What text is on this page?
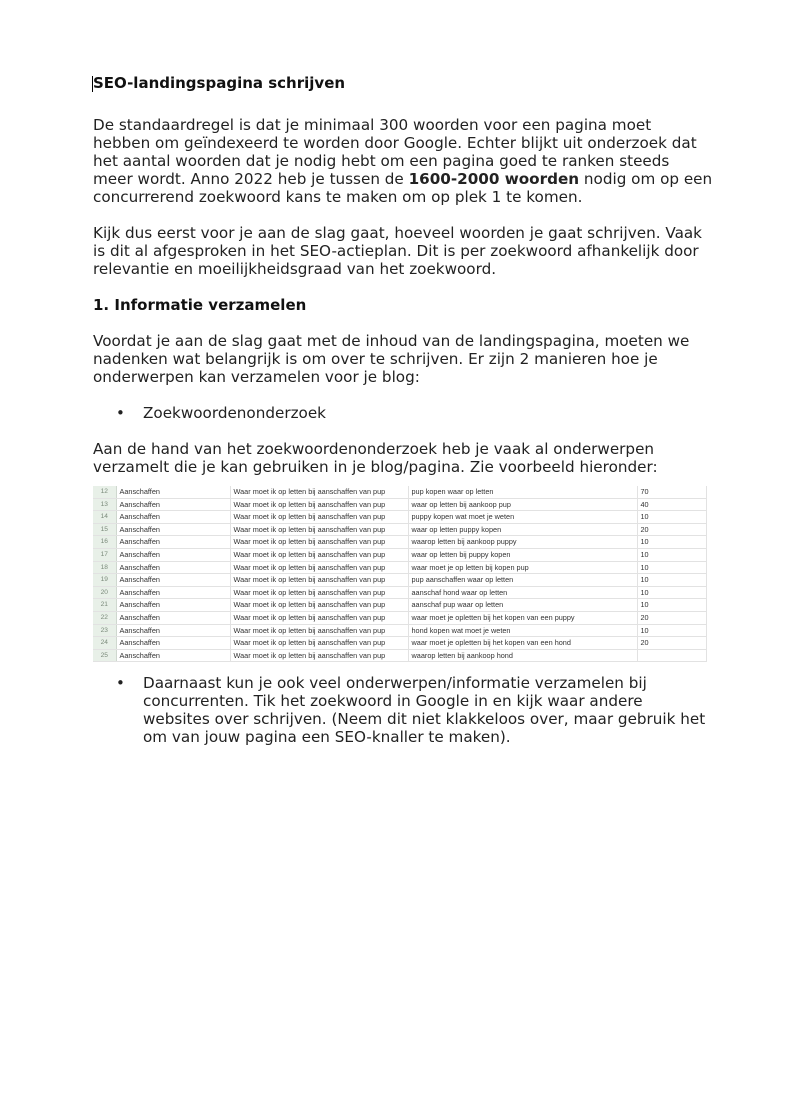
SEO-landingspagina schrijven

De standaardregel is dat je minimaal 300 woorden voor een pagina moet hebben om geïndexeerd te worden door Google. Echter blijkt uit onderzoek dat het aantal woorden dat je nodig hebt om een pagina goed te ranken steeds meer wordt. Anno 2022 heb je tussen de 1600-2000 woorden nodig om op een concurrerend zoekwoord kans te maken om op plek 1 te komen.

Kijk dus eerst voor je aan de slag gaat, hoeveel woorden je gaat schrijven. Vaak is dit al afgesproken in het SEO-actieplan. Dit is per zoekwoord afhankelijk door relevantie en moeilijkheidsgraad van het zoekwoord.

1. Informatie verzamelen

Voordat je aan de slag gaat met de inhoud van de landingspagina, moeten we nadenken wat belangrijk is om over te schrijven. Er zijn 2 manieren hoe je onderwerpen kan verzamelen voor je blog:

• Zoekwoordenonderzoek

Aan de hand van het zoekwoordenonderzoek heb je vaak al onderwerpen verzamelt die je kan gebruiken in je blog/pagina. Zie voorbeeld hieronder:

12	Aanschaffen	Waar moet ik op letten bij aanschaffen van pup	pup kopen waar op letten	70
13	Aanschaffen	Waar moet ik op letten bij aanschaffen van pup	waar op letten bij aankoop pup	40
14	Aanschaffen	Waar moet ik op letten bij aanschaffen van pup	puppy kopen wat moet je weten	10
15	Aanschaffen	Waar moet ik op letten bij aanschaffen van pup	waar op letten puppy kopen	20
16	Aanschaffen	Waar moet ik op letten bij aanschaffen van pup	waarop letten bij aankoop puppy	10
17	Aanschaffen	Waar moet ik op letten bij aanschaffen van pup	waar op letten bij puppy kopen	10
18	Aanschaffen	Waar moet ik op letten bij aanschaffen van pup	waar moet je op letten bij kopen pup	10
19	Aanschaffen	Waar moet ik op letten bij aanschaffen van pup	pup aanschaffen waar op letten	10
20	Aanschaffen	Waar moet ik op letten bij aanschaffen van pup	aanschaf hond waar op letten	10
21	Aanschaffen	Waar moet ik op letten bij aanschaffen van pup	aanschaf pup waar op letten	10
22	Aanschaffen	Waar moet ik op letten bij aanschaffen van pup	waar moet je opletten bij het kopen van een puppy	20
23	Aanschaffen	Waar moet ik op letten bij aanschaffen van pup	hond kopen wat moet je weten	10
24	Aanschaffen	Waar moet ik op letten bij aanschaffen van pup	waar moet je opletten bij het kopen van een hond	20
25	Aanschaffen	Waar moet ik op letten bij aanschaffen van pup	waarop letten bij aankoop hond	
• Daarnaast kun je ook veel onderwerpen/informatie verzamelen bij concurrenten. Tik het zoekwoord in Google in en kijk waar andere websites over schrijven. (Neem dit niet klakkeloos over, maar gebruik het om van jouw pagina een SEO-knaller te maken).
